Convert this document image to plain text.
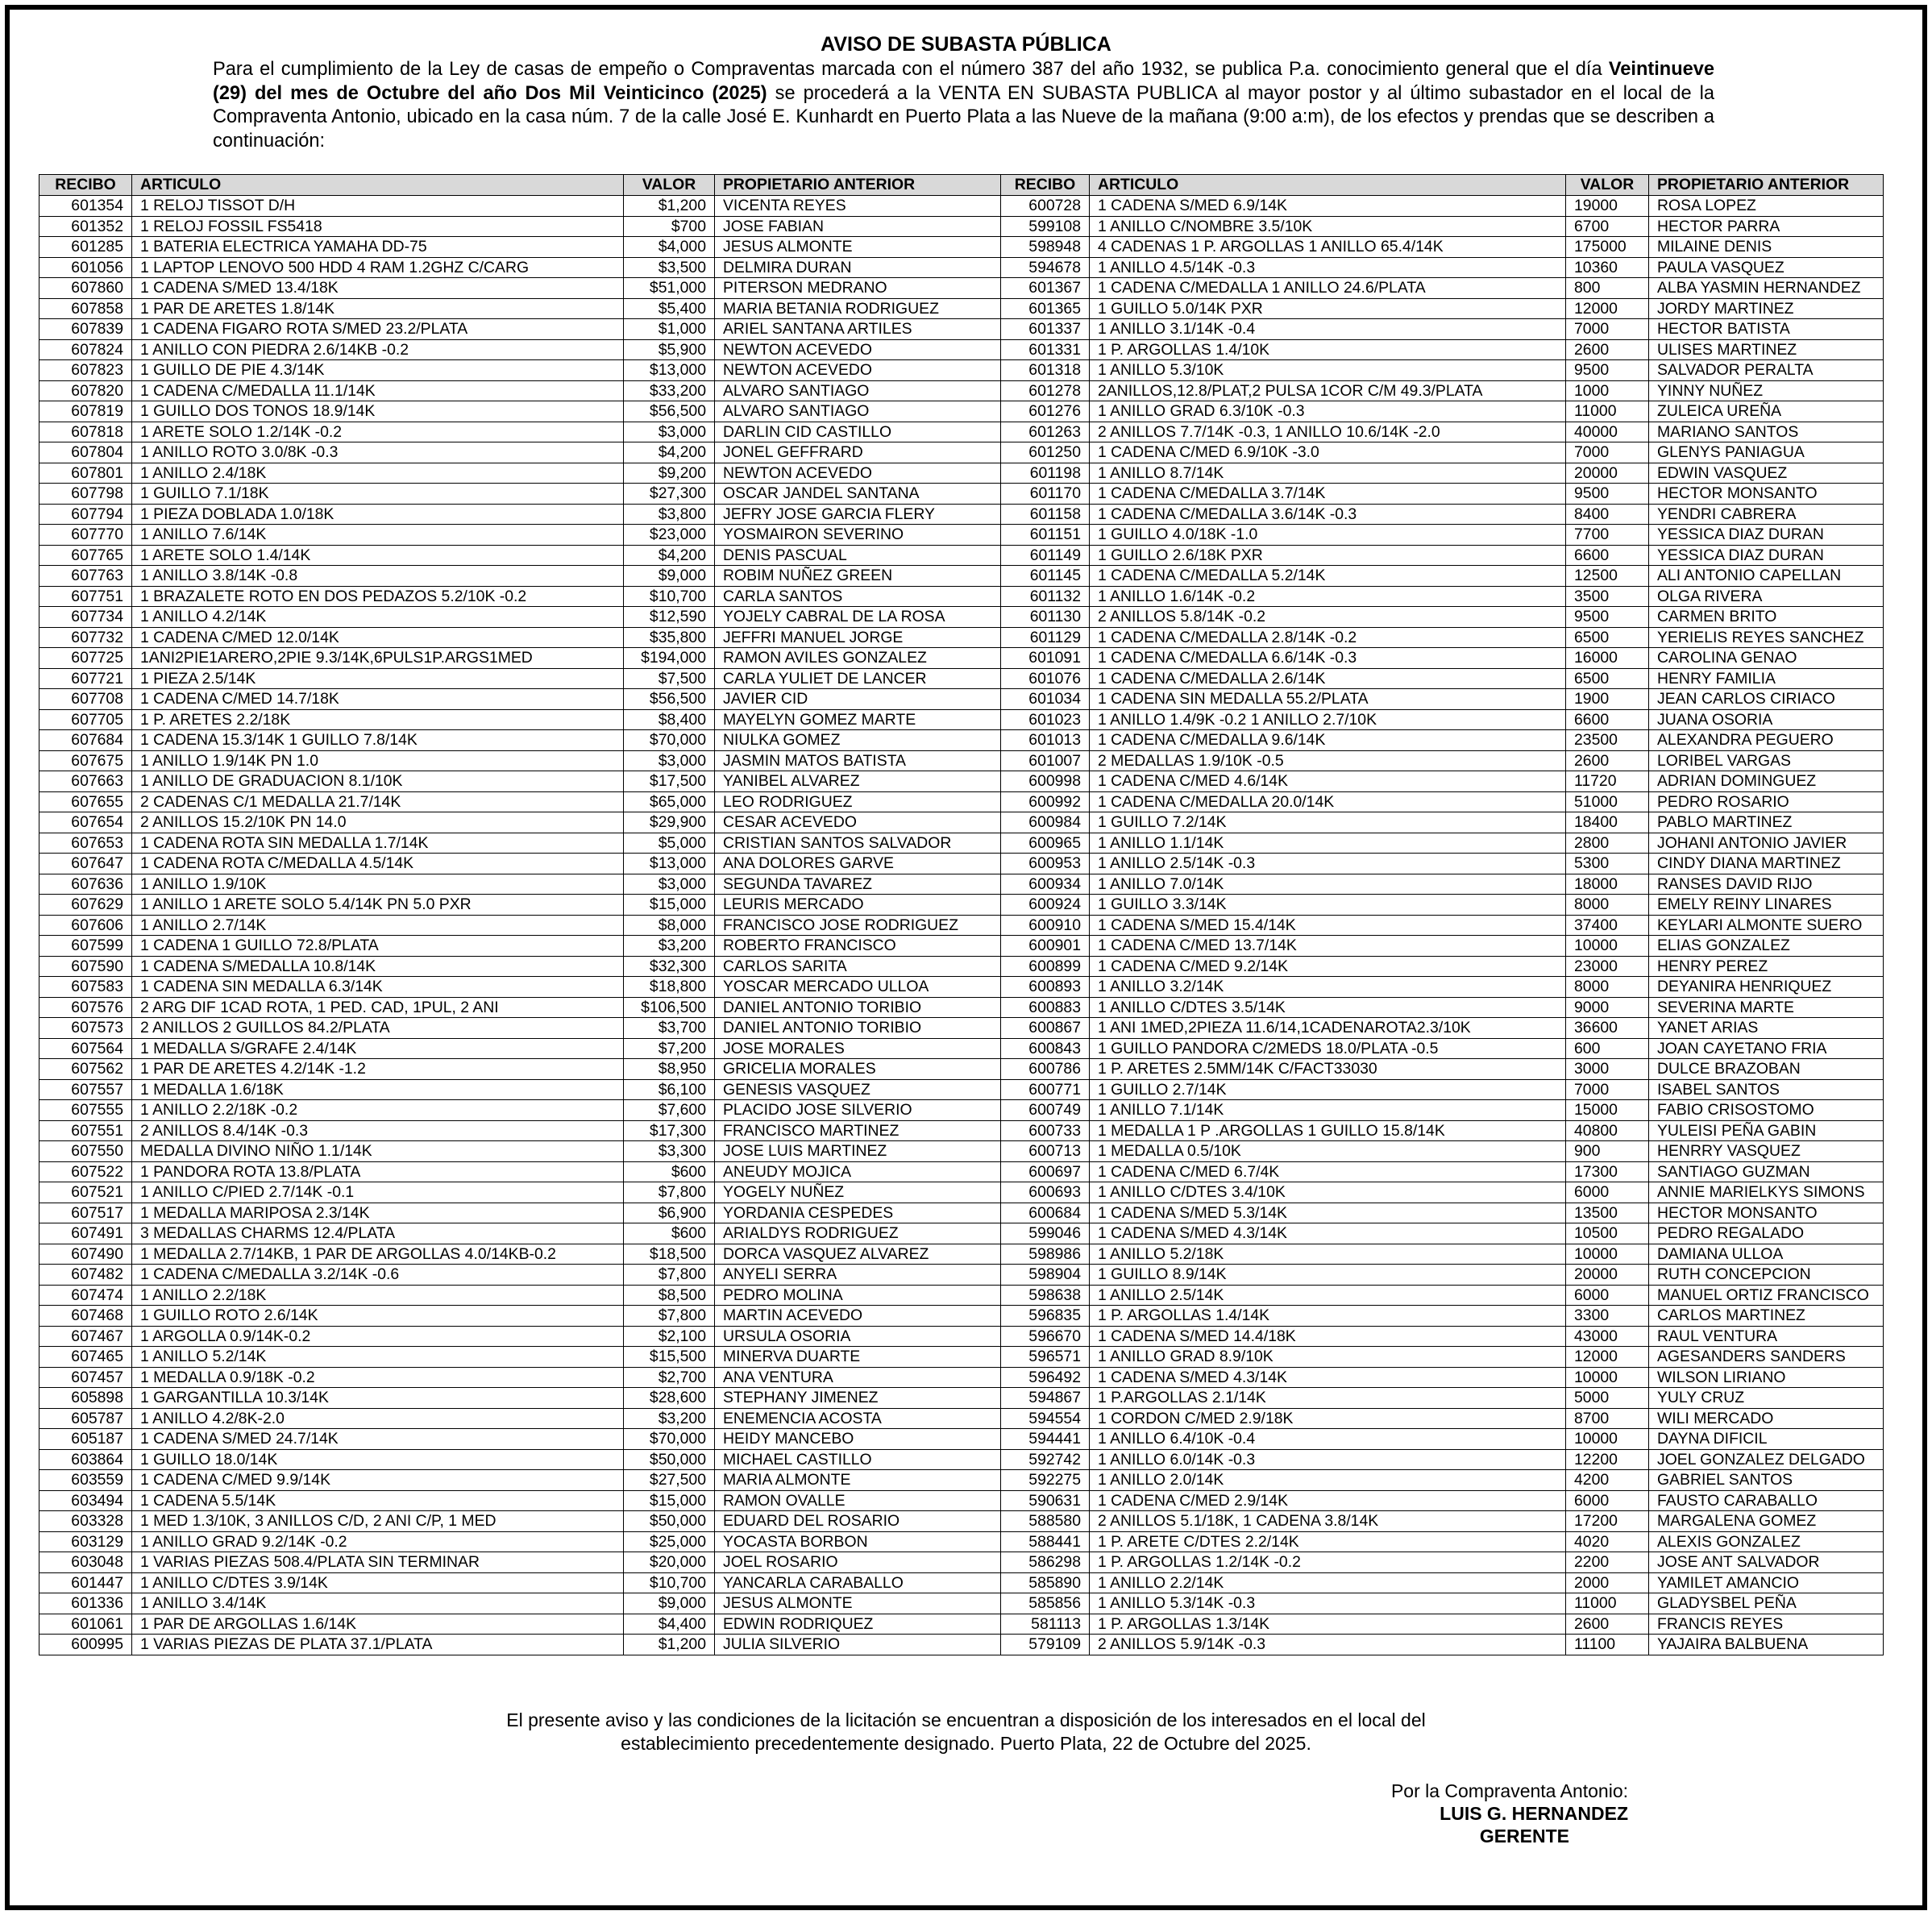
AVISO DE SUBASTA PÚBLICA
Para el cumplimiento de la Ley de casas de empeño o Compraventas marcada con el número 387 del año 1932, se publica P.a. conocimiento general que el día Veintinueve (29) del mes de Octubre del año Dos Mil Veinticinco (2025) se procederá a la VENTA EN SUBASTA PUBLICA al mayor postor y al último subastador en el local de la Compraventa Antonio, ubicado en la casa núm. 7 de la calle José E. Kunhardt en Puerto Plata a las Nueve de la mañana (9:00 a:m), de los efectos y prendas que se describen a continuación:
RECIBO	ARTICULO	VALOR	PROPIETARIO ANTERIOR	RECIBO	ARTICULO	VALOR	PROPIETARIO ANTERIOR
601354	1 RELOJ TISSOT D/H	$1,200	VICENTA REYES	600728	1 CADENA S/MED 6.9/14K	19000	ROSA LOPEZ
601352	1 RELOJ FOSSIL FS5418	$700	JOSE FABIAN	599108	1 ANILLO C/NOMBRE 3.5/10K	6700	HECTOR PARRA
601285	1 BATERIA ELECTRICA YAMAHA DD-75	$4,000	JESUS ALMONTE	598948	4 CADENAS 1 P. ARGOLLAS 1 ANILLO 65.4/14K	175000	MILAINE DENIS
601056	1 LAPTOP LENOVO 500 HDD 4 RAM 1.2GHZ C/CARG	$3,500	DELMIRA DURAN	594678	1 ANILLO 4.5/14K -0.3	10360	PAULA VASQUEZ
607860	1 CADENA S/MED 13.4/18K	$51,000	PITERSON MEDRANO	601367	1 CADENA C/MEDALLA 1 ANILLO 24.6/PLATA	800	ALBA YASMIN HERNANDEZ
607858	1 PAR DE ARETES 1.8/14K	$5,400	MARIA BETANIA RODRIGUEZ	601365	1 GUILLO 5.0/14K PXR	12000	JORDY MARTINEZ
607839	1 CADENA FIGARO ROTA S/MED 23.2/PLATA	$1,000	ARIEL SANTANA ARTILES	601337	1 ANILLO 3.1/14K -0.4	7000	HECTOR BATISTA
607824	1 ANILLO CON PIEDRA 2.6/14KB -0.2	$5,900	NEWTON ACEVEDO	601331	1 P. ARGOLLAS 1.4/10K	2600	ULISES MARTINEZ
607823	1 GUILLO DE PIE 4.3/14K	$13,000	NEWTON ACEVEDO	601318	1 ANILLO 5.3/10K	9500	SALVADOR PERALTA
607820	1 CADENA C/MEDALLA 11.1/14K	$33,200	ALVARO SANTIAGO	601278	2ANILLOS,12.8/PLAT,2 PULSA 1COR C/M 49.3/PLATA	1000	YINNY NUÑEZ
607819	1 GUILLO DOS TONOS 18.9/14K	$56,500	ALVARO SANTIAGO	601276	1 ANILLO GRAD 6.3/10K -0.3	11000	ZULEICA UREÑA
607818	1 ARETE SOLO 1.2/14K -0.2	$3,000	DARLIN CID CASTILLO	601263	2 ANILLOS 7.7/14K -0.3, 1 ANILLO 10.6/14K -2.0	40000	MARIANO SANTOS
607804	1 ANILLO ROTO 3.0/8K -0.3	$4,200	JONEL GEFFRARD	601250	1 CADENA C/MED 6.9/10K -3.0	7000	GLENYS PANIAGUA
607801	1 ANILLO 2.4/18K	$9,200	NEWTON ACEVEDO	601198	1 ANILLO 8.7/14K	20000	EDWIN VASQUEZ
607798	1 GUILLO 7.1/18K	$27,300	OSCAR JANDEL SANTANA	601170	1 CADENA C/MEDALLA 3.7/14K	9500	HECTOR MONSANTO
607794	1 PIEZA DOBLADA 1.0/18K	$3,800	JEFRY JOSE GARCIA FLERY	601158	1 CADENA C/MEDALLA 3.6/14K -0.3	8400	YENDRI CABRERA
607770	1 ANILLO 7.6/14K	$23,000	YOSMAIRON SEVERINO	601151	1 GUILLO 4.0/18K -1.0	7700	YESSICA DIAZ DURAN
607765	1 ARETE SOLO 1.4/14K	$4,200	DENIS PASCUAL	601149	1 GUILLO 2.6/18K PXR	6600	YESSICA DIAZ DURAN
607763	1 ANILLO 3.8/14K -0.8	$9,000	ROBIM NUÑEZ GREEN	601145	1 CADENA C/MEDALLA 5.2/14K	12500	ALI ANTONIO CAPELLAN
607751	1 BRAZALETE ROTO EN DOS PEDAZOS 5.2/10K -0.2	$10,700	CARLA SANTOS	601132	1 ANILLO 1.6/14K -0.2	3500	OLGA RIVERA
607734	1 ANILLO 4.2/14K	$12,590	YOJELY CABRAL DE LA ROSA	601130	2 ANILLOS 5.8/14K -0.2	9500	CARMEN BRITO
607732	1 CADENA C/MED 12.0/14K	$35,800	JEFFRI MANUEL JORGE	601129	1 CADENA C/MEDALLA 2.8/14K -0.2	6500	YERIELIS REYES SANCHEZ
607725	1ANI2PIE1ARERO,2PIE 9.3/14K,6PULS1P.ARGS1MED	$194,000	RAMON AVILES GONZALEZ	601091	1 CADENA C/MEDALLA 6.6/14K -0.3	16000	CAROLINA GENAO
607721	1 PIEZA 2.5/14K	$7,500	CARLA YULIET DE LANCER	601076	1 CADENA C/MEDALLA 2.6/14K	6500	HENRY FAMILIA
607708	1 CADENA C/MED 14.7/18K	$56,500	JAVIER CID	601034	1 CADENA SIN MEDALLA 55.2/PLATA	1900	JEAN CARLOS CIRIACO
607705	1 P. ARETES 2.2/18K	$8,400	MAYELYN GOMEZ MARTE	601023	1 ANILLO 1.4/9K -0.2 1 ANILLO 2.7/10K	6600	JUANA OSORIA
607684	1 CADENA 15.3/14K 1 GUILLO 7.8/14K	$70,000	NIULKA GOMEZ	601013	1 CADENA C/MEDALLA 9.6/14K	23500	ALEXANDRA PEGUERO
607675	1 ANILLO 1.9/14K PN 1.0	$3,000	JASMIN MATOS BATISTA	601007	2 MEDALLAS 1.9/10K -0.5	2600	LORIBEL VARGAS
607663	1 ANILLO DE GRADUACION 8.1/10K	$17,500	YANIBEL ALVAREZ	600998	1 CADENA C/MED 4.6/14K	11720	ADRIAN DOMINGUEZ
607655	2 CADENAS C/1 MEDALLA 21.7/14K	$65,000	LEO RODRIGUEZ	600992	1 CADENA C/MEDALLA 20.0/14K	51000	PEDRO ROSARIO
607654	2 ANILLOS 15.2/10K PN 14.0	$29,900	CESAR ACEVEDO	600984	1 GUILLO 7.2/14K	18400	PABLO MARTINEZ
607653	1 CADENA ROTA SIN MEDALLA 1.7/14K	$5,000	CRISTIAN SANTOS SALVADOR	600965	1 ANILLO 1.1/14K	2800	JOHANI ANTONIO JAVIER
607647	1 CADENA ROTA C/MEDALLA 4.5/14K	$13,000	ANA DOLORES GARVE	600953	1 ANILLO 2.5/14K -0.3	5300	CINDY DIANA MARTINEZ
607636	1 ANILLO 1.9/10K	$3,000	SEGUNDA TAVAREZ	600934	1 ANILLO 7.0/14K	18000	RANSES DAVID RIJO
607629	1 ANILLO 1 ARETE SOLO 5.4/14K PN 5.0 PXR	$15,000	LEURIS MERCADO	600924	1 GUILLO 3.3/14K	8000	EMELY REINY LINARES
607606	1 ANILLO 2.7/14K	$8,000	FRANCISCO JOSE RODRIGUEZ	600910	1 CADENA S/MED 15.4/14K	37400	KEYLARI ALMONTE SUERO
607599	1 CADENA 1 GUILLO 72.8/PLATA	$3,200	ROBERTO FRANCISCO	600901	1 CADENA C/MED 13.7/14K	10000	ELIAS GONZALEZ
607590	1 CADENA S/MEDALLA 10.8/14K	$32,300	CARLOS SARITA	600899	1 CADENA C/MED 9.2/14K	23000	HENRY PEREZ
607583	1 CADENA SIN MEDALLA 6.3/14K	$18,800	YOSCAR MERCADO ULLOA	600893	1 ANILLO 3.2/14K	8000	DEYANIRA HENRIQUEZ
607576	2 ARG DIF 1CAD ROTA, 1 PED. CAD, 1PUL, 2 ANI	$106,500	DANIEL ANTONIO TORIBIO	600883	1 ANILLO C/DTES 3.5/14K	9000	SEVERINA MARTE
607573	2 ANILLOS 2 GUILLOS 84.2/PLATA	$3,700	DANIEL ANTONIO TORIBIO	600867	1 ANI 1MED,2PIEZA 11.6/14,1CADENAROTA2.3/10K	36600	YANET ARIAS
607564	1 MEDALLA S/GRAFE 2.4/14K	$7,200	JOSE MORALES	600843	1 GUILLO PANDORA C/2MEDS 18.0/PLATA -0.5	600	JOAN CAYETANO FRIA
607562	1 PAR DE ARETES 4.2/14K -1.2	$8,950	GRICELIA MORALES	600786	1 P. ARETES 2.5MM/14K C/FACT33030	3000	DULCE BRAZOBAN
607557	1 MEDALLA 1.6/18K	$6,100	GENESIS VASQUEZ	600771	1 GUILLO 2.7/14K	7000	ISABEL SANTOS
607555	1 ANILLO 2.2/18K -0.2	$7,600	PLACIDO JOSE SILVERIO	600749	1 ANILLO 7.1/14K	15000	FABIO CRISOSTOMO
607551	2 ANILLOS 8.4/14K -0.3	$17,300	FRANCISCO MARTINEZ	600733	1 MEDALLA 1 P .ARGOLLAS 1 GUILLO 15.8/14K	40800	YULEISI PEÑA GABIN
607550	MEDALLA DIVINO NIÑO 1.1/14K	$3,300	JOSE LUIS MARTINEZ	600713	1 MEDALLA 0.5/10K	900	HENRRY VASQUEZ
607522	1 PANDORA ROTA 13.8/PLATA	$600	ANEUDY MOJICA	600697	1 CADENA C/MED 6.7/4K	17300	SANTIAGO GUZMAN
607521	1 ANILLO C/PIED 2.7/14K -0.1	$7,800	YOGELY NUÑEZ	600693	1 ANILLO C/DTES 3.4/10K	6000	ANNIE MARIELKYS SIMONS
607517	1 MEDALLA MARIPOSA 2.3/14K	$6,900	YORDANIA CESPEDES	600684	1 CADENA S/MED 5.3/14K	13500	HECTOR MONSANTO
607491	3 MEDALLAS CHARMS 12.4/PLATA	$600	ARIALDYS RODRIGUEZ	599046	1 CADENA S/MED 4.3/14K	10500	PEDRO REGALADO
607490	1 MEDALLA 2.7/14KB, 1 PAR DE ARGOLLAS 4.0/14KB-0.2	$18,500	DORCA VASQUEZ ALVAREZ	598986	1 ANILLO 5.2/18K	10000	DAMIANA ULLOA
607482	1 CADENA C/MEDALLA 3.2/14K -0.6	$7,800	ANYELI SERRA	598904	1 GUILLO 8.9/14K	20000	RUTH CONCEPCION
607474	1 ANILLO 2.2/18K	$8,500	PEDRO MOLINA	598638	1 ANILLO 2.5/14K	6000	MANUEL ORTIZ FRANCISCO
607468	1 GUILLO ROTO 2.6/14K	$7,800	MARTIN ACEVEDO	596835	1 P. ARGOLLAS 1.4/14K	3300	CARLOS MARTINEZ
607467	1 ARGOLLA 0.9/14K-0.2	$2,100	URSULA OSORIA	596670	1 CADENA S/MED 14.4/18K	43000	RAUL VENTURA
607465	1 ANILLO 5.2/14K	$15,500	MINERVA DUARTE	596571	1 ANILLO GRAD 8.9/10K	12000	AGESANDERS SANDERS
607457	1 MEDALLA 0.9/18K -0.2	$2,700	ANA VENTURA	596492	1 CADENA S/MED 4.3/14K	10000	WILSON LIRIANO
605898	1 GARGANTILLA 10.3/14K	$28,600	STEPHANY JIMENEZ	594867	1 P.ARGOLLAS 2.1/14K	5000	YULY CRUZ
605787	1 ANILLO 4.2/8K-2.0	$3,200	ENEMENCIA ACOSTA	594554	1 CORDON C/MED 2.9/18K	8700	WILI MERCADO
605187	1 CADENA S/MED 24.7/14K	$70,000	HEIDY MANCEBO	594441	1 ANILLO 6.4/10K -0.4	10000	DAYNA DIFICIL
603864	1 GUILLO 18.0/14K	$50,000	MICHAEL CASTILLO	592742	1 ANILLO 6.0/14K -0.3	12200	JOEL GONZALEZ DELGADO
603559	1 CADENA C/MED 9.9/14K	$27,500	MARIA ALMONTE	592275	1 ANILLO 2.0/14K	4200	GABRIEL SANTOS
603494	1 CADENA 5.5/14K	$15,000	RAMON OVALLE	590631	1 CADENA C/MED 2.9/14K	6000	FAUSTO CARABALLO
603328	1 MED 1.3/10K, 3 ANILLOS C/D, 2 ANI C/P, 1 MED	$50,000	EDUARD DEL ROSARIO	588580	2 ANILLOS 5.1/18K, 1 CADENA 3.8/14K	17200	MARGALENA GOMEZ
603129	1 ANILLO GRAD 9.2/14K -0.2	$25,000	YOCASTA BORBON	588441	1 P. ARETE C/DTES 2.2/14K	4020	ALEXIS GONZALEZ
603048	1 VARIAS PIEZAS 508.4/PLATA SIN TERMINAR	$20,000	JOEL ROSARIO	586298	1 P. ARGOLLAS 1.2/14K -0.2	2200	JOSE ANT SALVADOR
601447	1 ANILLO C/DTES 3.9/14K	$10,700	YANCARLA CARABALLO	585890	1 ANILLO 2.2/14K	2000	YAMILET AMANCIO
601336	1 ANILLO 3.4/14K	$9,000	JESUS ALMONTE	585856	1 ANILLO 5.3/14K -0.3	11000	GLADYSBEL PEÑA
601061	1 PAR DE ARGOLLAS 1.6/14K	$4,400	EDWIN RODRIQUEZ	581113	1 P. ARGOLLAS 1.3/14K	2600	FRANCIS REYES
600995	1 VARIAS PIEZAS DE PLATA 37.1/PLATA	$1,200	JULIA SILVERIO	579109	2 ANILLOS 5.9/14K -0.3	11100	YAJAIRA BALBUENA
El presente aviso y las condiciones de la licitación se encuentran a disposición de los interesados en el local del
establecimiento precedentemente designado. Puerto Plata, 22 de Octubre del 2025.
Por la Compraventa Antonio:
LUIS G. HERNANDEZ
GERENTE
